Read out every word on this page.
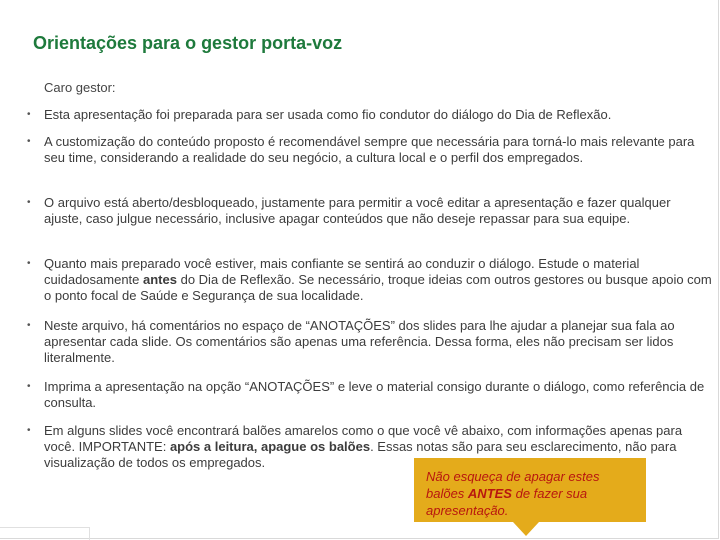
Orientações para o gestor porta-voz
Caro gestor:
• Esta apresentação foi preparada para ser usada como fio condutor do diálogo do Dia de Reflexão.
• A customização do conteúdo proposto é recomendável sempre que necessária para torná-lo mais relevante para seu time, considerando a realidade do seu negócio, a cultura local e o perfil dos empregados.
• O arquivo está aberto/desbloqueado, justamente para permitir a você editar a apresentação e fazer qualquer ajuste, caso julgue necessário, inclusive apagar conteúdos que não deseje repassar para sua equipe.
• Quanto mais preparado você estiver, mais confiante se sentirá ao conduzir o diálogo. Estude o material cuidadosamente antes do Dia de Reflexão. Se necessário, troque ideias com outros gestores ou busque apoio com o ponto focal de Saúde e Segurança de sua localidade.
• Neste arquivo, há comentários no espaço de “ANOTAÇÕES” dos slides para lhe ajudar a planejar sua fala ao apresentar cada slide. Os comentários são apenas uma referência. Dessa forma, eles não precisam ser lidos literalmente.
• Imprima a apresentação na opção “ANOTAÇÕES” e leve o material consigo durante o diálogo, como referência de consulta.
• Em alguns slides você encontrará balões amarelos como o que você vê abaixo, com informações apenas para você. IMPORTANTE: após a leitura, apague os balões. Essas notas são para seu esclarecimento, não para visualização de todos os empregados.
Não esqueça de apagar estes balões ANTES de fazer sua apresentação.
